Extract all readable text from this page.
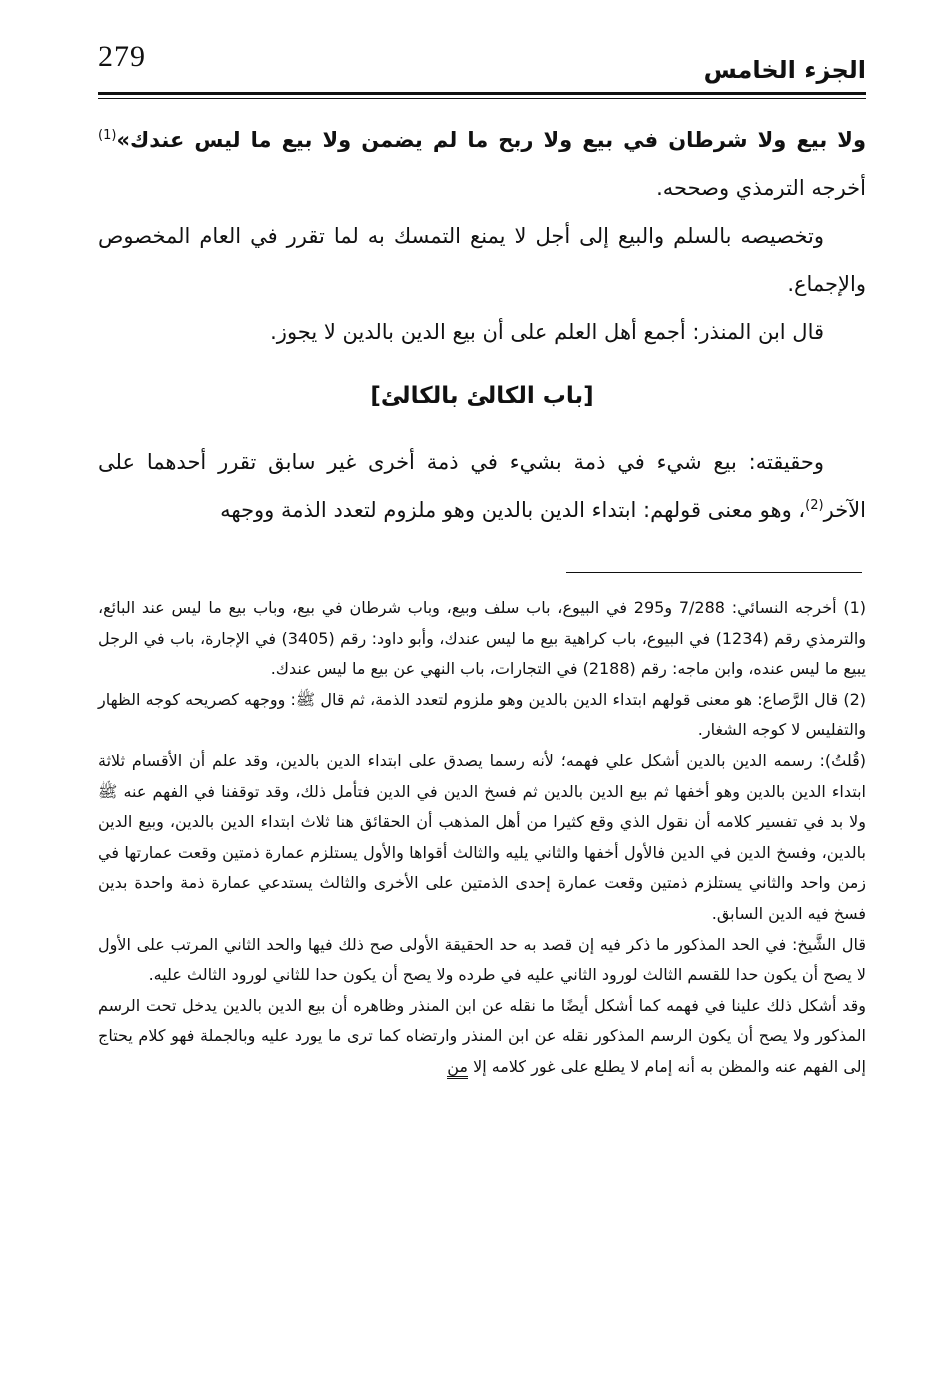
279	الجزء الخامس

ولا بيع ولا شرطان في بيع ولا ربح ما لم يضمن ولا بيع ما ليس عندك»$^{(1)}$ أخرجه الترمذي وصححه.

وتخصيصه بالسلم والبيع إلى أجل لا يمنع التمسك به لما تقرر في العام المخصوص والإجماع.

قال ابن المنذر: أجمع أهل العلم على أن بيع الدين بالدين لا يجوز.

[باب الكالئ بالكالئ]

وحقيقته: بيع شيء في ذمة بشيء في ذمة أخرى غير سابق تقرر أحدهما على الآخر$^{(2)}$، وهو معنى قولهم: ابتداء الدين بالدين وهو ملزوم لتعدد الذمة ووجهه

(1) أخرجه النسائي: 7/288 و295 في البيوع، باب سلف وبيع، وباب شرطان في بيع، وباب بيع ما ليس عند البائع، والترمذي رقم (1234) في البيوع، باب كراهية بيع ما ليس عندك، وأبو داود: رقم (3405) في الإجارة، باب في الرجل يبيع ما ليس عنده، وابن ماجه: رقم (2188) في التجارات، باب النهي عن بيع ما ليس عندك.

(2) قال الرَّصاع: هو معنى قولهم ابتداء الدين بالدين وهو ملزوم لتعدد الذمة، ثم قال ﷺ: ووجهه كصريحه كوجه الظهار والتفليس لا كوجه الشغار.

(قُلتُ): رسمه الدين بالدين أشكل علي فهمه؛ لأنه رسما يصدق على ابتداء الدين بالدين، وقد علم أن الأقسام ثلاثة ابتداء الدين بالدين وهو أخفها ثم بيع الدين بالدين ثم فسخ الدين في الدين فتأمل ذلك، وقد توقفنا في الفهم عنه ﷺ ولا بد في تفسير كلامه أن نقول الذي وقع كثيرا من أهل المذهب أن الحقائق هنا ثلاث ابتداء الدين بالدين، وبيع الدين بالدين، وفسخ الدين في الدين فالأول أخفها والثاني يليه والثالث أقواها والأول يستلزم عمارة ذمتين وقعت عمارتها في زمن واحد والثاني يستلزم ذمتين وقعت عمارة إحدى الذمتين على الأخرى والثالث يستدعي عمارة ذمة واحدة بدين فسخ فيه الدين السابق.

قال الشَّيخ: في الحد المذكور ما ذكر فيه إن قصد به حد الحقيقة الأولى صح ذلك فيها والحد الثاني المرتب على الأول لا يصح أن يكون حدا للقسم الثالث لورود الثاني عليه في طرده ولا يصح أن يكون حدا للثاني لورود الثالث عليه.

وقد أشكل ذلك علينا في فهمه كما أشكل أيضًا ما نقله عن ابن المنذر وظاهره أن بيع الدين بالدين يدخل تحت الرسم المذكور ولا يصح أن يكون الرسم المذكور نقله عن ابن المنذر وارتضاه كما ترى ما يورد عليه وبالجملة فهو كلام يحتاج إلى الفهم عنه والمظن به أنه إمام لا يطلع على غور كلامه إلا من
